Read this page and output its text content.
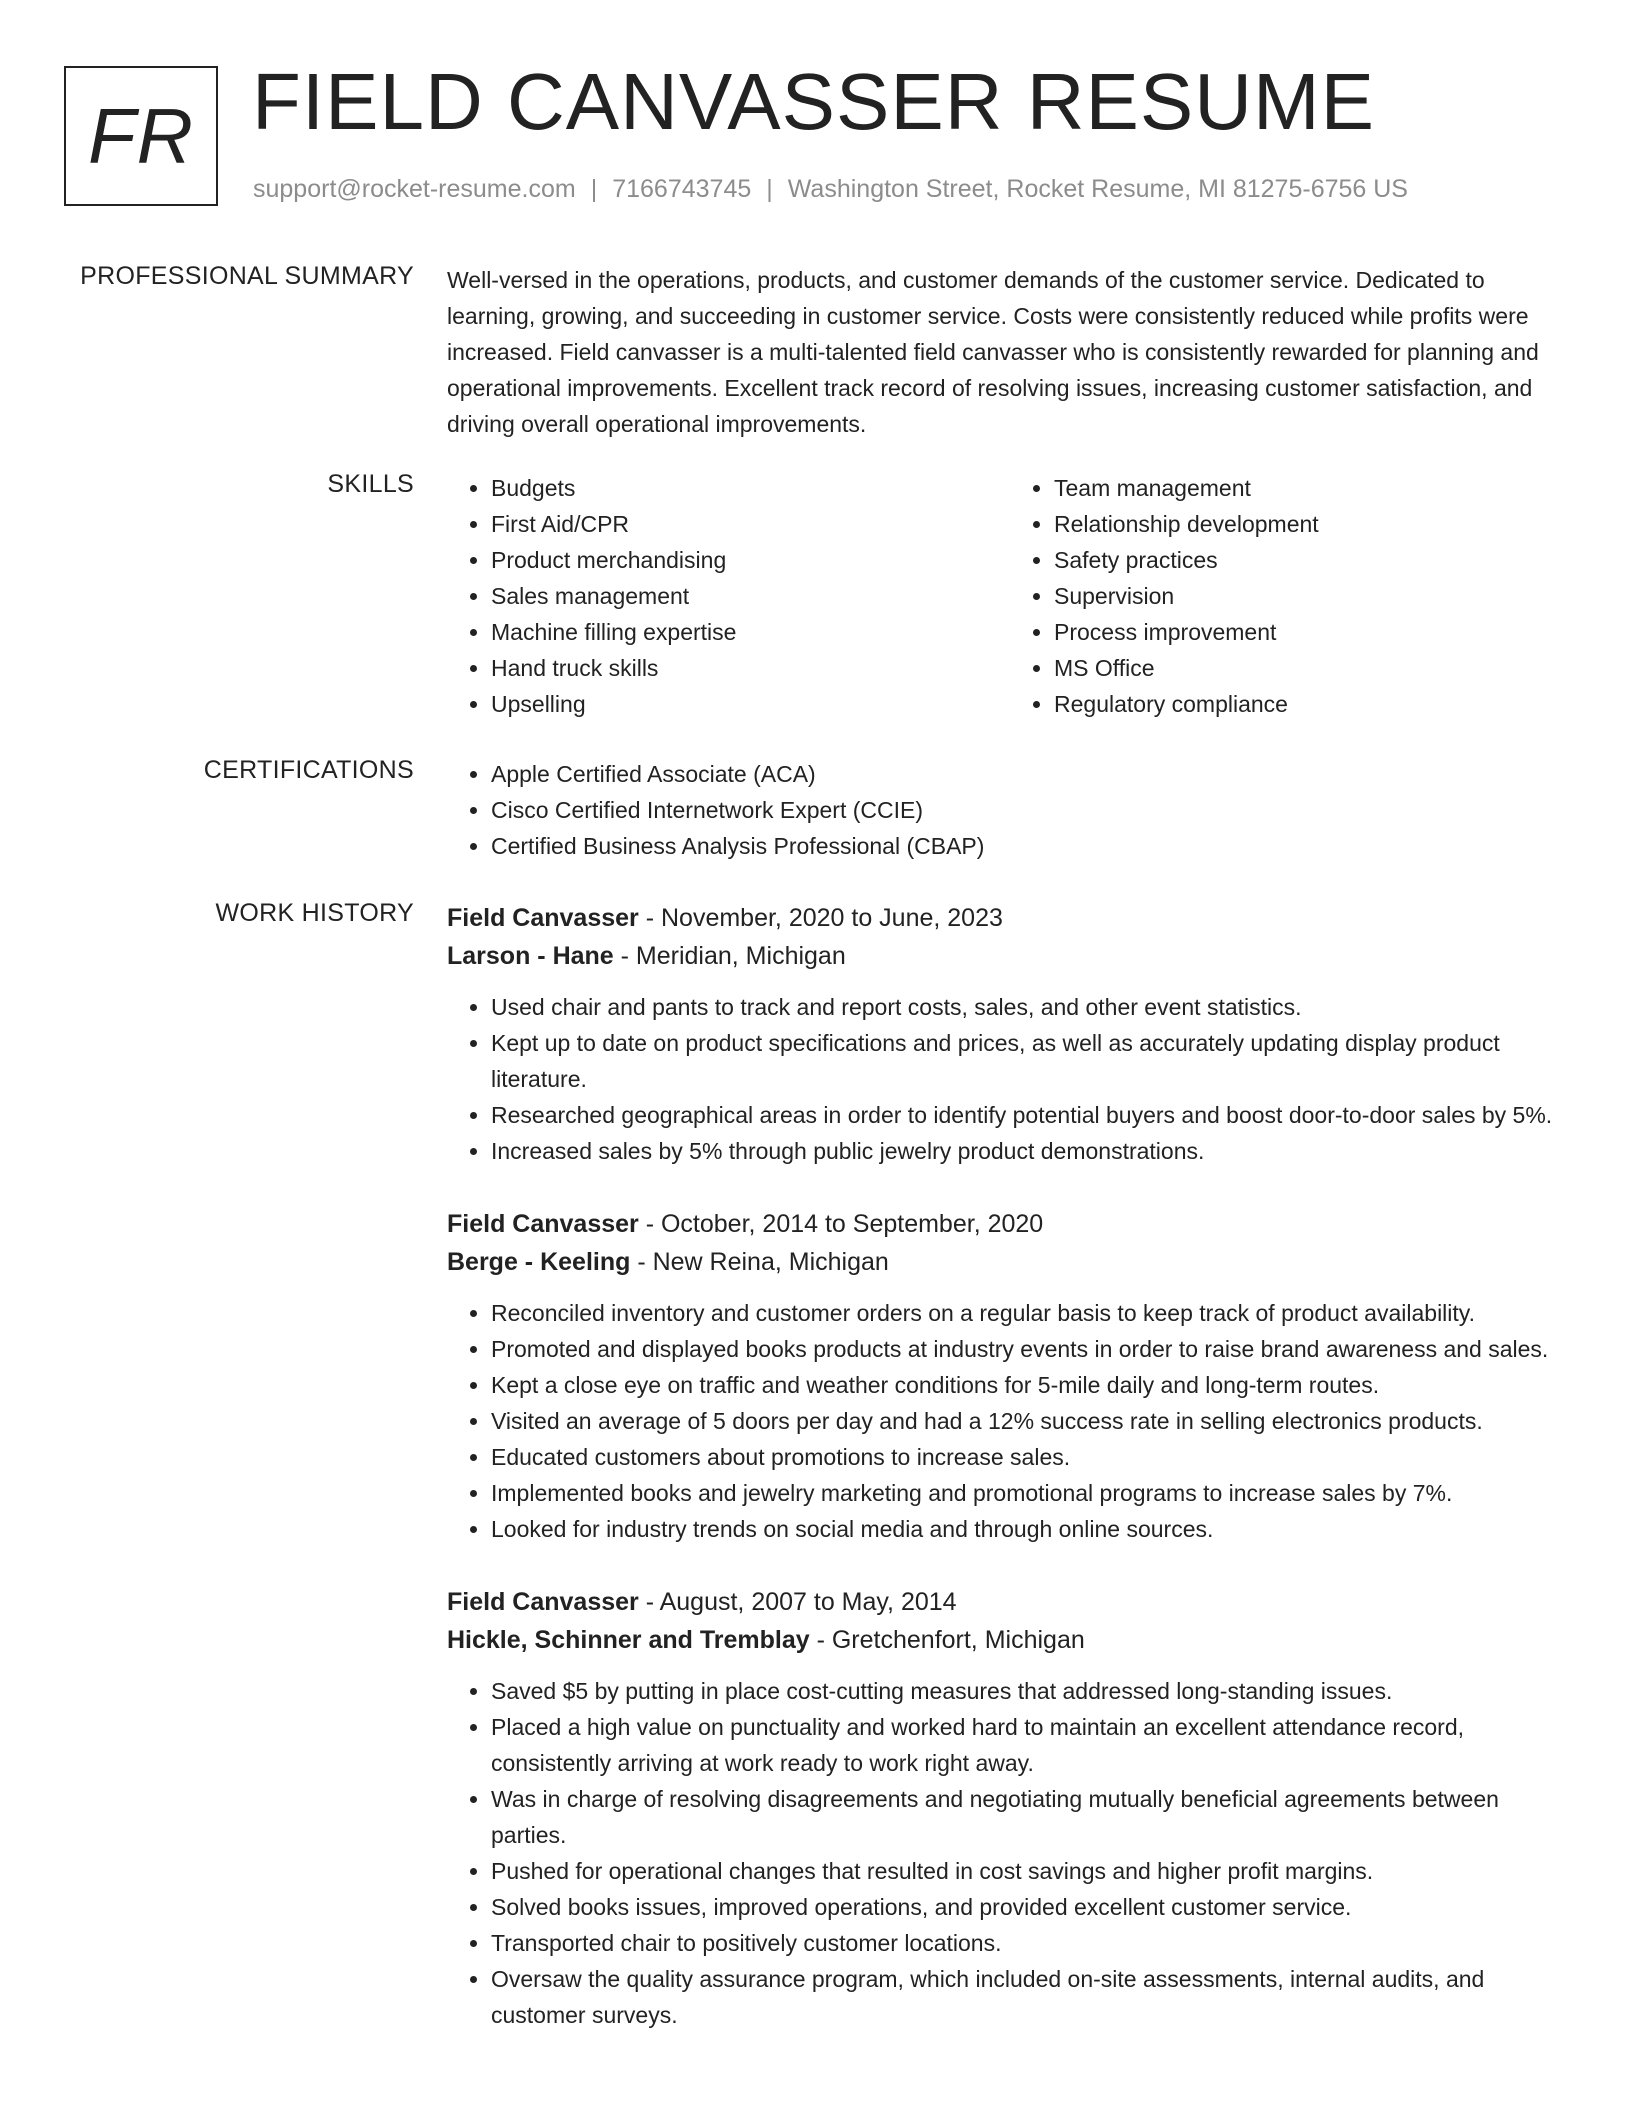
FR FIELD CANVASSER RESUME
support@rocket-resume.com | 7166743745 | Washington Street, Rocket Resume, MI 81275-6756 US
PROFESSIONAL SUMMARY Well-versed in the operations, products, and customer demands of the customer service. Dedicated to learning, growing, and succeeding in customer service. Costs were consistently reduced while profits were increased. Field canvasser is a multi-talented field canvasser who is consistently rewarded for planning and operational improvements. Excellent track record of resolving issues, increasing customer satisfaction, and driving overall operational improvements.

SKILLS	• Budgets
• First Aid/CPR
• Product merchandising
• Sales management
• Machine filling expertise
• Hand truck skills
• Upselling
• Team management
• Relationship development
• Safety practices
• Supervision
• Process improvement
• MS Office
• Regulatory compliance
CERTIFICATIONS	• Apple Certified Associate (ACA)
• Cisco Certified Internetwork Expert (CCIE)
• Certified Business Analysis Professional (CBAP)
WORK HISTORY Field Canvasser - November, 2020 to June, 2023
Larson - Hane - Meridian, Michigan
• Used chair and pants to track and report costs, sales, and other event statistics.
• Kept up to date on product specifications and prices, as well as accurately updating display product literature.
• Researched geographical areas in order to identify potential buyers and boost door-to-door sales by 5%.
• Increased sales by 5% through public jewelry product demonstrations.
Field Canvasser - October, 2014 to September, 2020
Berge - Keeling - New Reina, Michigan
• Reconciled inventory and customer orders on a regular basis to keep track of product availability.
• Promoted and displayed books products at industry events in order to raise brand awareness and sales.
• Kept a close eye on traffic and weather conditions for 5-mile daily and long-term routes.
• Visited an average of 5 doors per day and had a 12% success rate in selling electronics products.
• Educated customers about promotions to increase sales.
• Implemented books and jewelry marketing and promotional programs to increase sales by 7%.
• Looked for industry trends on social media and through online sources.
Field Canvasser - August, 2007 to May, 2014
Hickle, Schinner and Tremblay - Gretchenfort, Michigan
• Saved $5 by putting in place cost-cutting measures that addressed long-standing issues.
• Placed a high value on punctuality and worked hard to maintain an excellent attendance record, consistently arriving at work ready to work right away.
• Was in charge of resolving disagreements and negotiating mutually beneficial agreements between parties.
• Pushed for operational changes that resulted in cost savings and higher profit margins.
• Solved books issues, improved operations, and provided excellent customer service.
• Transported chair to positively customer locations.
• Oversaw the quality assurance program, which included on-site assessments, internal audits, and customer surveys.
